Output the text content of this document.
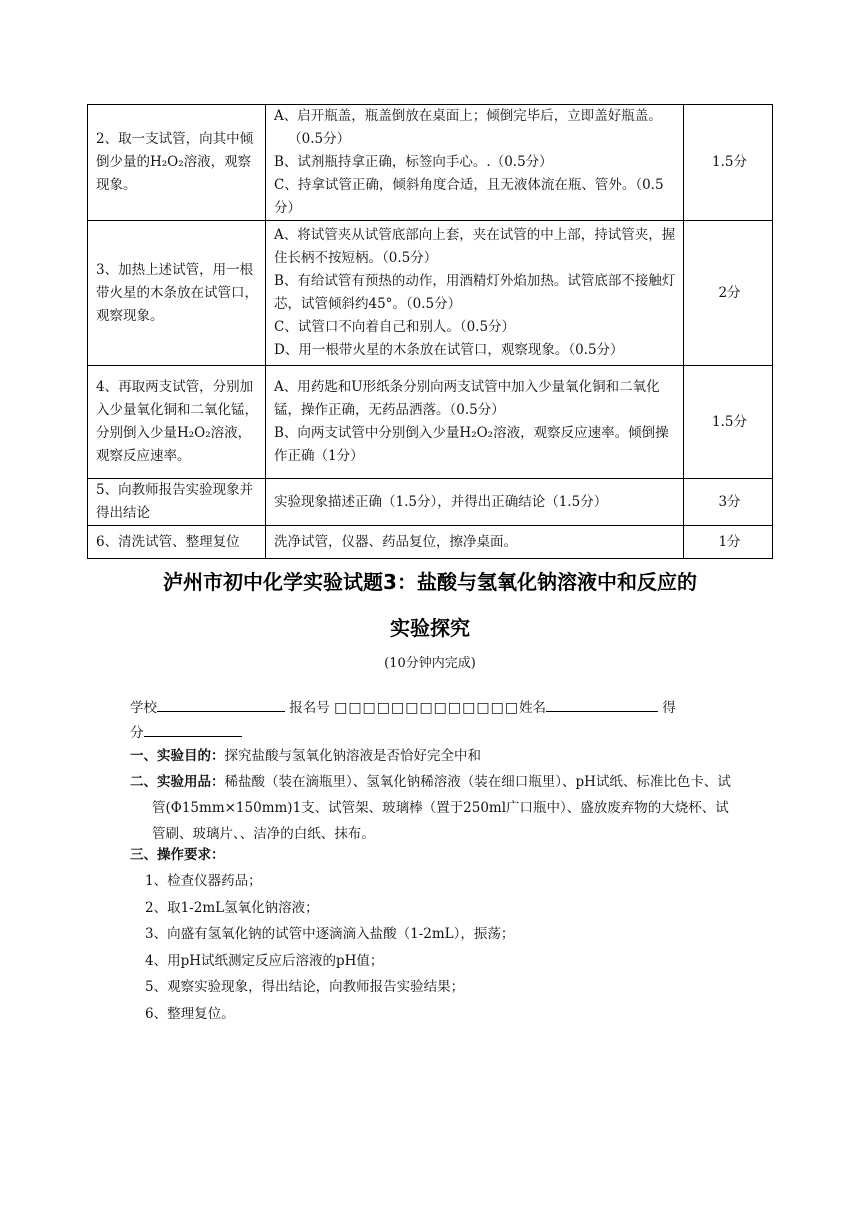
2、取一支试管，向其中倾倒少量的H₂O₂溶液，观察现象。	A、启开瓶盖，瓶盖倒放在桌面上；倾倒完毕后，立即盖好瓶盖。（0.5分）
B、试剂瓶持拿正确，标签向手心。.（0.5分）
C、持拿试管正确，倾斜角度合适，且无液体流在瓶、管外。（0.5分）	1.5分
3、加热上述试管，用一根带火星的木条放在试管口，观察现象。	A、将试管夹从试管底部向上套，夹在试管的中上部，持试管夹，握住长柄不按短柄。（0.5分）
B、有给试管有预热的动作，用酒精灯外焰加热。试管底部不接触灯芯，试管倾斜约45°。（0.5分）
C、试管口不向着自己和别人。（0.5分）
D、用一根带火星的木条放在试管口，观察现象。（0.5分）	2分
4、再取两支试管，分别加入少量氧化铜和二氧化锰，分别倒入少量H₂O₂溶液，观察反应速率。	A、用药匙和U形纸条分别向两支试管中加入少量氧化铜和二氧化锰，操作正确，无药品洒落。（0.5分）
B、向两支试管中分别倒入少量H₂O₂溶液，观察反应速率。倾倒操作正确（1分）	1.5分
5、向教师报告实验现象并得出结论	实验现象描述正确（1.5分），并得出正确结论（1.5分）	3分
6、清洗试管、整理复位	洗净试管，仪器、药品复位，擦净桌面。	1分
泸州市初中化学实验试题3：盐酸与氢氧化钠溶液中和反应的
实验探究
(10分钟内完成)
学校	报名号 □□□□□□□□□□□□□姓名	得
分
一、实验目的：探究盐酸与氢氧化钠溶液是否恰好完全中和
二、实验用品：稀盐酸（装在滴瓶里）、氢氧化钠稀溶液（装在细口瓶里）、pH试纸、标准比色卡、试管(Φ15mm×150mm)1支、试管架、玻璃棒（置于250ml广口瓶中）、盛放废弃物的大烧杯、试管刷、玻璃片、、洁净的白纸、抹布。
三、操作要求：
1、检查仪器药品；
2、取1-2mL氢氧化钠溶液；
3、向盛有氢氧化钠的试管中逐滴滴入盐酸（1-2mL），振荡；
4、用pH试纸测定反应后溶液的pH值；
5、观察实验现象，得出结论，向教师报告实验结果；
6、整理复位。
